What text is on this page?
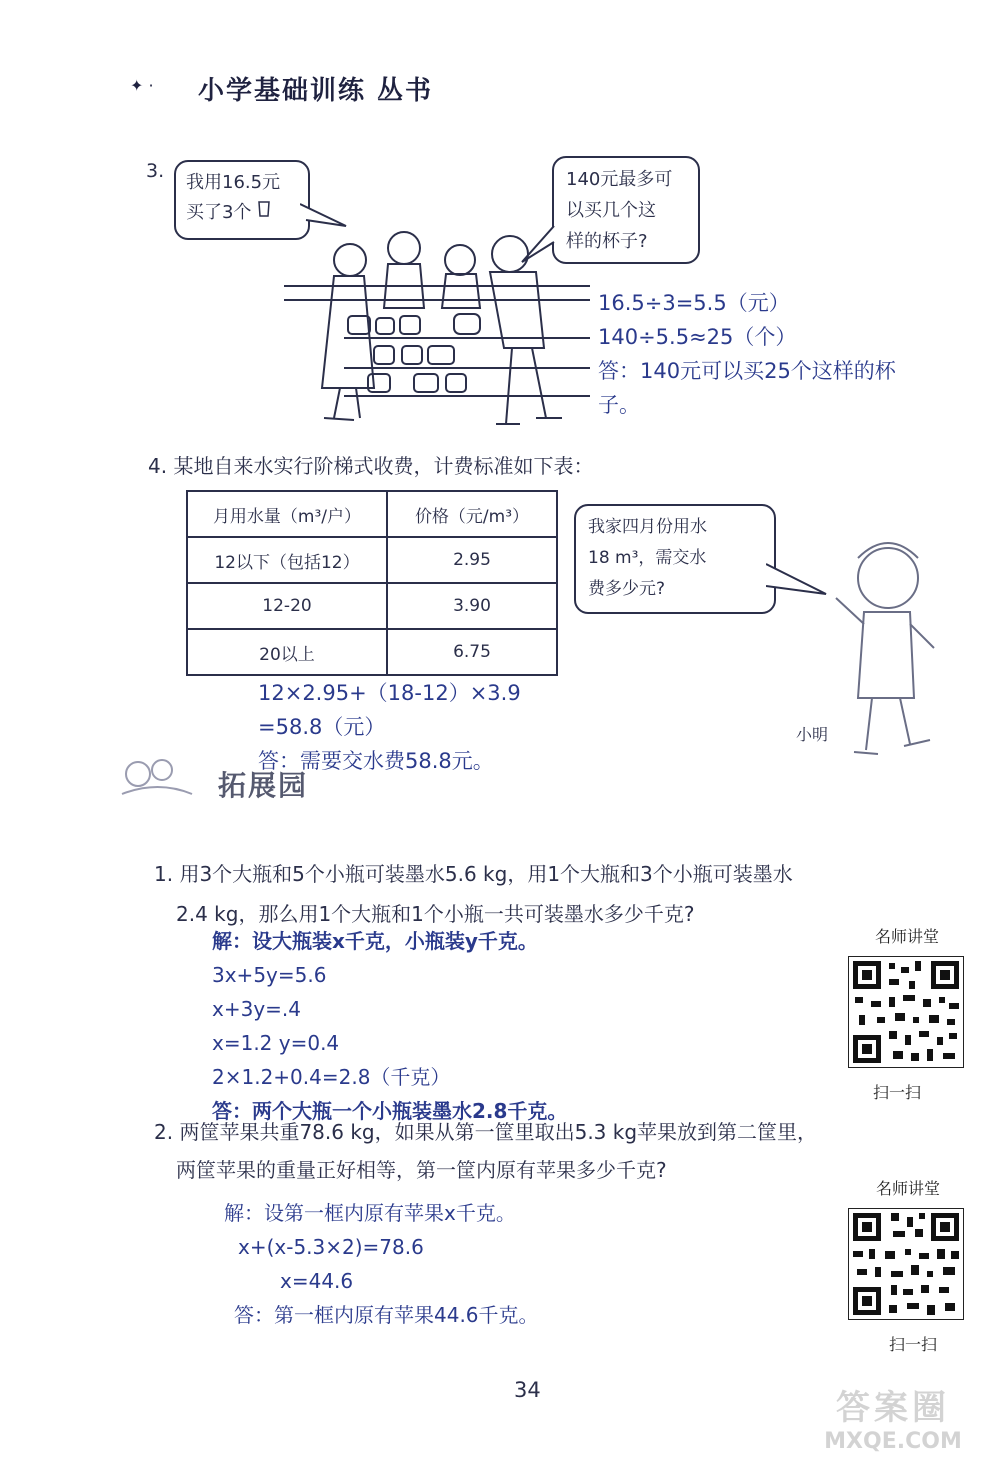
✦ · 小学基础训练 丛书
3.
我用16.5元
买了3个
140元最多可
以买几个这
样的杯子?
16.5÷3=5.5（元）
140÷5.5≈25（个）
答：140元可以买25个这样的杯
子。
4. 某地自来水实行阶梯式收费，计费标准如下表：
月用水量（m³/户）	价格（元/m³）
12以下（包括12）	2.95
12-20	3.90
20以上	6.75
我家四月份用水
18 m³，需交水
费多少元?
小明
12×2.95+（18-12）×3.9
=58.8（元）
答：需要交水费58.8元。
拓展园
1. 用3个大瓶和5个小瓶可装墨水5.6 kg，用1个大瓶和3个小瓶可装墨水
2.4 kg，那么用1个大瓶和1个小瓶一共可装墨水多少千克?
解：设大瓶装x千克，小瓶装y千克。
3x+5y=5.6
x+3y=.4
x=1.2 y=0.4
2×1.2+0.4=2.8（千克）
答：两个大瓶一个小瓶装墨水2.8千克。
名师讲堂
扫一扫
2. 两筐苹果共重78.6 kg，如果从第一筐里取出5.3 kg苹果放到第二筐里，
两筐苹果的重量正好相等，第一筐内原有苹果多少千克?
解：设第一框内原有苹果x千克。
x+(x-5.3×2)=78.6
x=44.6
答：第一框内原有苹果44.6千克。
名师讲堂
扫一扫
34	答案圈
MXQE.COM
